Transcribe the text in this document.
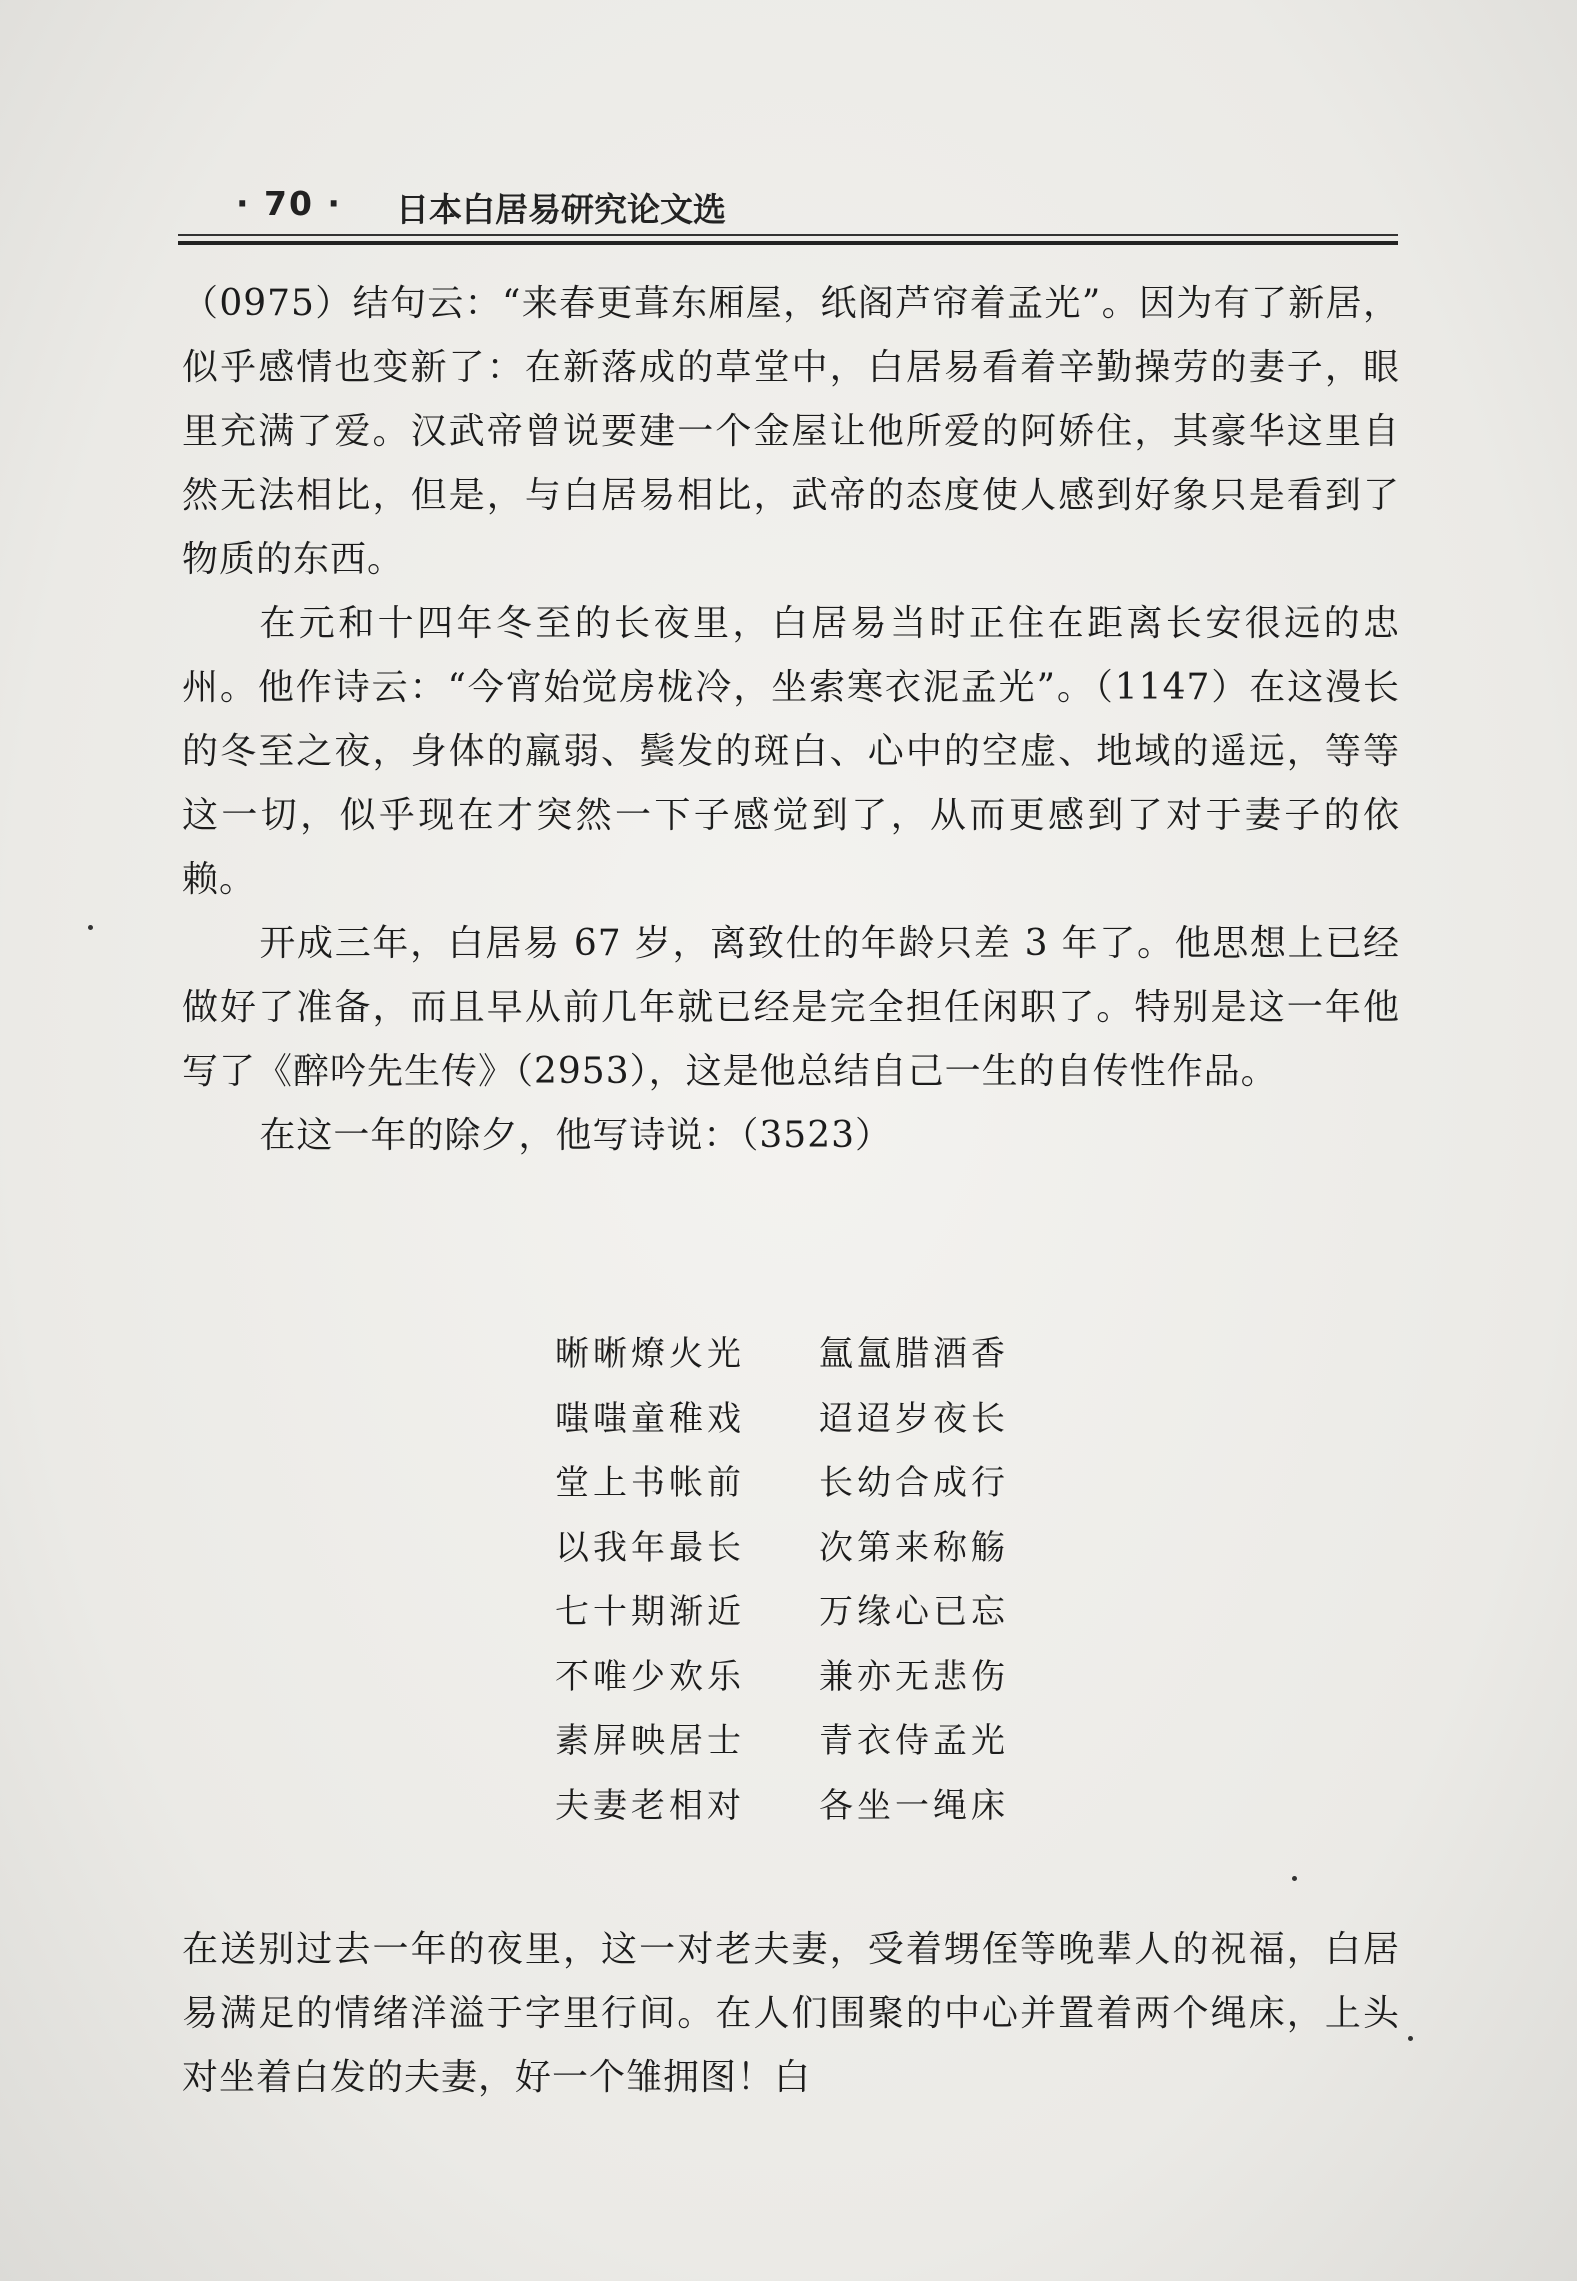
· 70 · 日本白居易研究论文选

（0975）结句云：“来春更葺东厢屋，纸阁芦帘着孟光”。因为有了新居，似乎感情也变新了：在新落成的草堂中，白居易看着辛勤操劳的妻子，眼里充满了爱。汉武帝曾说要建一个金屋让他所爱的阿娇住，其豪华这里自然无法相比，但是，与白居易相比，武帝的态度使人感到好象只是看到了物质的东西。

在元和十四年冬至的长夜里，白居易当时正住在距离长安很远的忠州。他作诗云：“今宵始觉房栊冷，坐索寒衣泥孟光”。（1147）在这漫长的冬至之夜，身体的羸弱、鬓发的斑白、心中的空虚、地域的遥远，等等这一切，似乎现在才突然一下子感觉到了，从而更感到了对于妻子的依赖。

开成三年，白居易 67 岁，离致仕的年龄只差 3 年了。他思想上已经做好了准备，而且早从前几年就已经是完全担任闲职了。特别是这一年他写了《醉吟先生传》（2953），这是他总结自己一生的自传性作品。

在这一年的除夕，他写诗说：（3523）

晰晰燎火光	氲氲腊酒香
嗤嗤童稚戏	迢迢岁夜长
堂上书帐前	长幼合成行
以我年最长	次第来称觞
七十期渐近	万缘心已忘
不唯少欢乐	兼亦无悲伤
素屏映居士	青衣侍孟光
夫妻老相对	各坐一绳床

在送别过去一年的夜里，这一对老夫妻，受着甥侄等晚辈人的祝福，白居易满足的情绪洋溢于字里行间。在人们围聚的中心并置着两个绳床，上头对坐着白发的夫妻，好一个雏拥图！白
